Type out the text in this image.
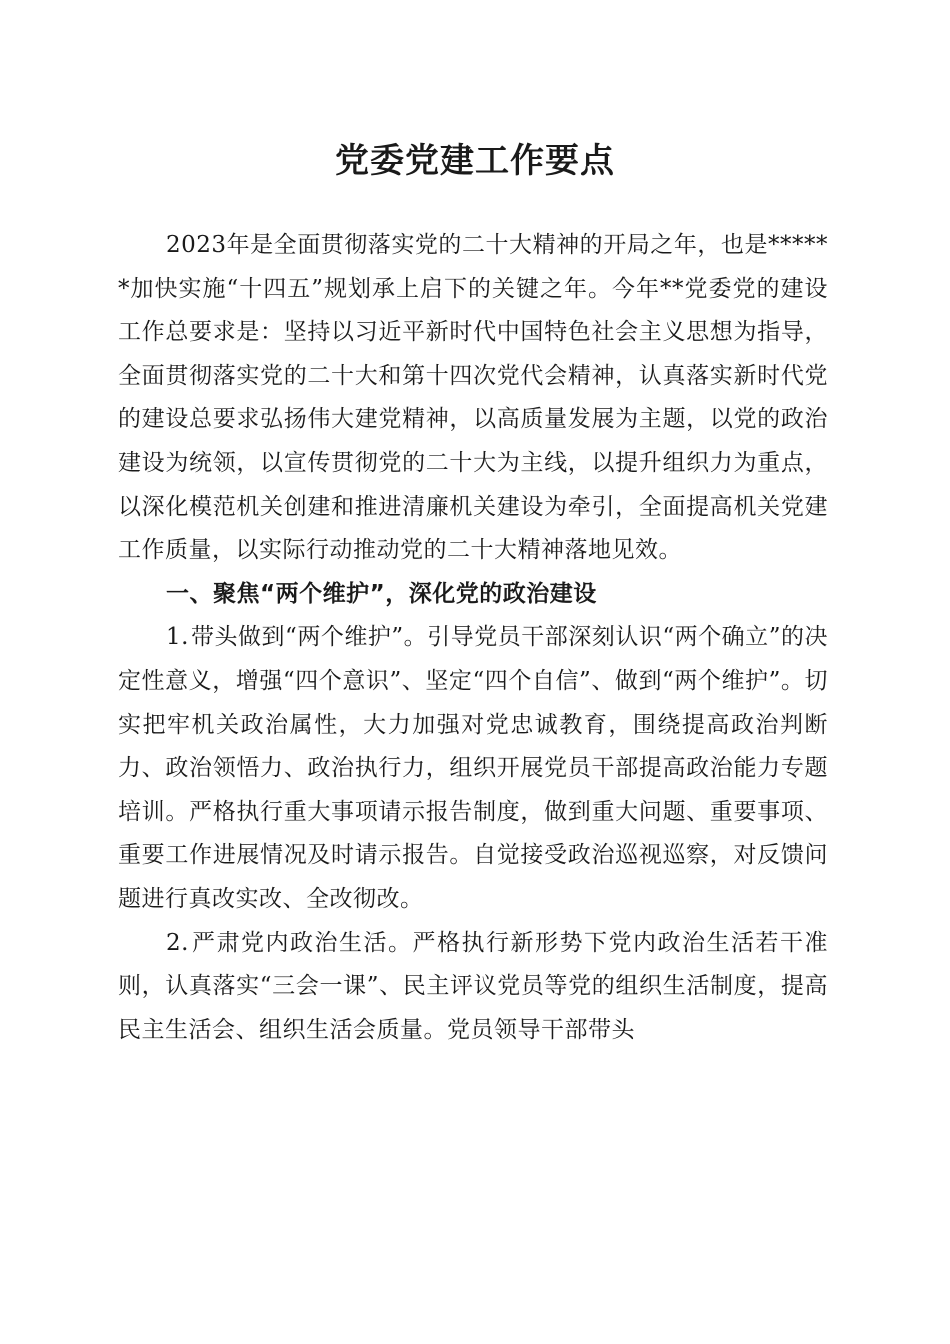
党委党建工作要点

2023年是全面贯彻落实党的二十大精神的开局之年，也是******加快实施“十四五”规划承上启下的关键之年。今年**党委党的建设工作总要求是：坚持以习近平新时代中国特色社会主义思想为指导，全面贯彻落实党的二十大和第十四次党代会精神，认真落实新时代党的建设总要求弘扬伟大建党精神，以高质量发展为主题，以党的政治建设为统领，以宣传贯彻党的二十大为主线，以提升组织力为重点，以深化模范机关创建和推进清廉机关建设为牵引，全面提高机关党建工作质量，以实际行动推动党的二十大精神落地见效。

一、聚焦“两个维护”，深化党的政治建设

1.带头做到“两个维护”。引导党员干部深刻认识“两个确立”的决定性意义，增强“四个意识”、坚定“四个自信”、做到“两个维护”。切实把牢机关政治属性，大力加强对党忠诚教育，围绕提高政治判断力、政治领悟力、政治执行力，组织开展党员干部提高政治能力专题培训。严格执行重大事项请示报告制度，做到重大问题、重要事项、重要工作进展情况及时请示报告。自觉接受政治巡视巡察，对反馈问题进行真改实改、全改彻改。

2.严肃党内政治生活。严格执行新形势下党内政治生活若干准则，认真落实“三会一课”、民主评议党员等党的组织生活制度，提高民主生活会、组织生活会质量。党员领导干部带头
